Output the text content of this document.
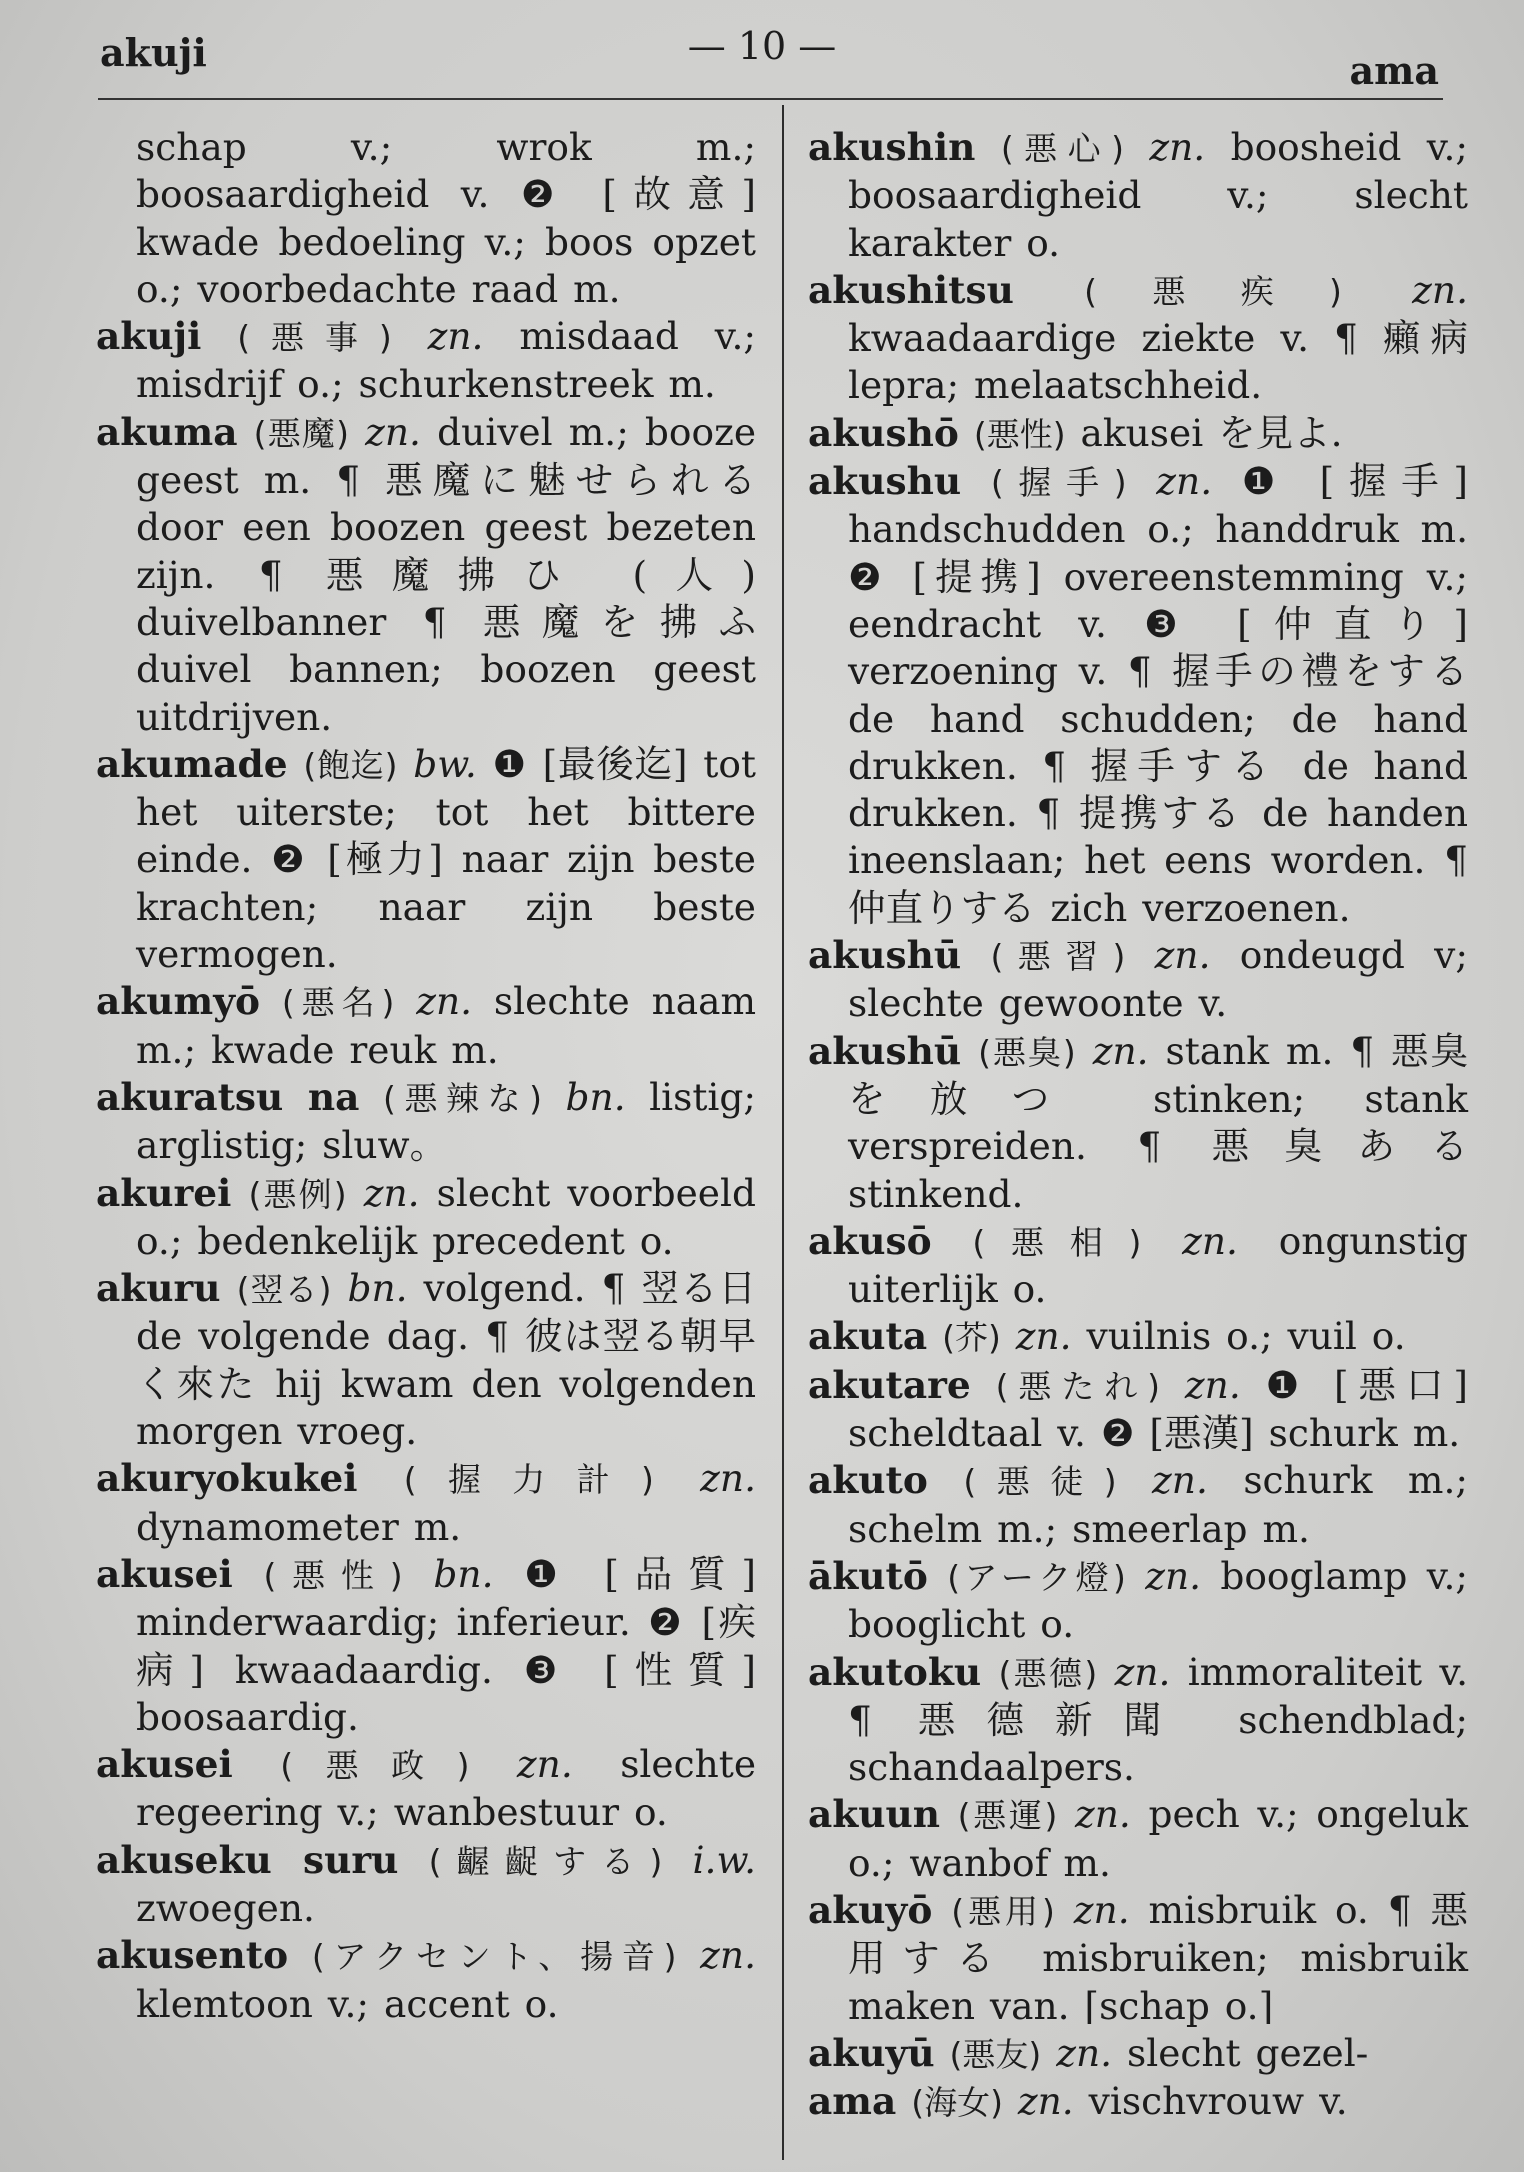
akuji	— 10 —
ama
schap v.; wrok m.; boosaardigheid v. ❷ [故意] kwade bedoeling v.; boos opzet o.; voorbedachte raad m.
akuji (悪事) zn. misdaad v.; misdrijf o.; schurkenstreek m.
akuma (悪魔) zn. duivel m.; booze geest m. ¶ 悪魔に魅せられる door een boozen geest bezeten zijn. ¶ 悪魔拂ひ (人) duivelbanner ¶ 悪魔を拂ふ duivel bannen; boozen geest uitdrijven.
akumade (飽迄) bw. ❶ [最後迄] tot het uiterste; tot het bittere einde. ❷ [極力] naar zijn beste krachten; naar zijn beste vermogen.
akumyō (悪名) zn. slechte naam m.; kwade reuk m.
akuratsu na (悪辣な) bn. listig; arglistig; sluw。
akurei (悪例) zn. slecht voorbeeld o.; bedenkelijk precedent o.
akuru (翌る) bn. volgend. ¶ 翌る日 de volgende dag. ¶ 彼は翌る朝早く來た hij kwam den volgenden morgen vroeg.
akuryokukei (握力計) zn. dynamometer m.
akusei (悪性) bn. ❶ [品質] minderwaardig; inferieur. ❷ [疾病] kwaadaardig. ❸ [性質] boosaardig.
akusei (悪政) zn. slechte regeering v.; wanbestuur o.
akuseku suru (齷齪する) i.w. zwoegen.
akusento (アクセント、揚音) zn. klemtoon v.; accent o.
akushin (悪心) zn. boosheid v.; boosaardigheid v.; slecht karakter o.
akushitsu (悪疾) zn. kwaadaardige ziekte v. ¶ 癩病 lepra; melaatschheid.
akushō (悪性) akusei を見よ.
akushu (握手) zn. ❶ [握手] handschudden o.; handdruk m. ❷ [提携] overeenstemming v.; eendracht v. ❸ [仲直り] verzoening v. ¶ 握手の禮をする de hand schudden; de hand drukken. ¶ 握手する de hand drukken. ¶ 提携する de handen ineenslaan; het eens worden. ¶ 仲直りする zich verzoenen.
akushū (悪習) zn. ondeugd v; slechte gewoonte v.
akushū (悪臭) zn. stank m. ¶ 悪臭を放つ stinken; stank verspreiden. ¶ 悪臭ある stinkend.
akusō (悪相) zn. ongunstig uiterlijk o.
akuta (芥) zn. vuilnis o.; vuil o.
akutare (悪たれ) zn. ❶ [悪口] scheldtaal v. ❷ [悪漢] schurk m.
akuto (悪徒) zn. schurk m.; schelm m.; smeerlap m.
ākutō (アーク燈) zn. booglamp v.; booglicht o.
akutoku (悪德) zn. immoraliteit v. ¶ 悪德新聞 schendblad; schandaalpers.
akuun (悪運) zn. pech v.; ongeluk o.; wanbof m.
akuyō (悪用) zn. misbruik o. ¶ 悪用する misbruiken; misbruik maken van. ⌈schap o.⌉
akuyū (悪友) zn. slecht gezel-
ama (海女) zn. vischvrouw v.
